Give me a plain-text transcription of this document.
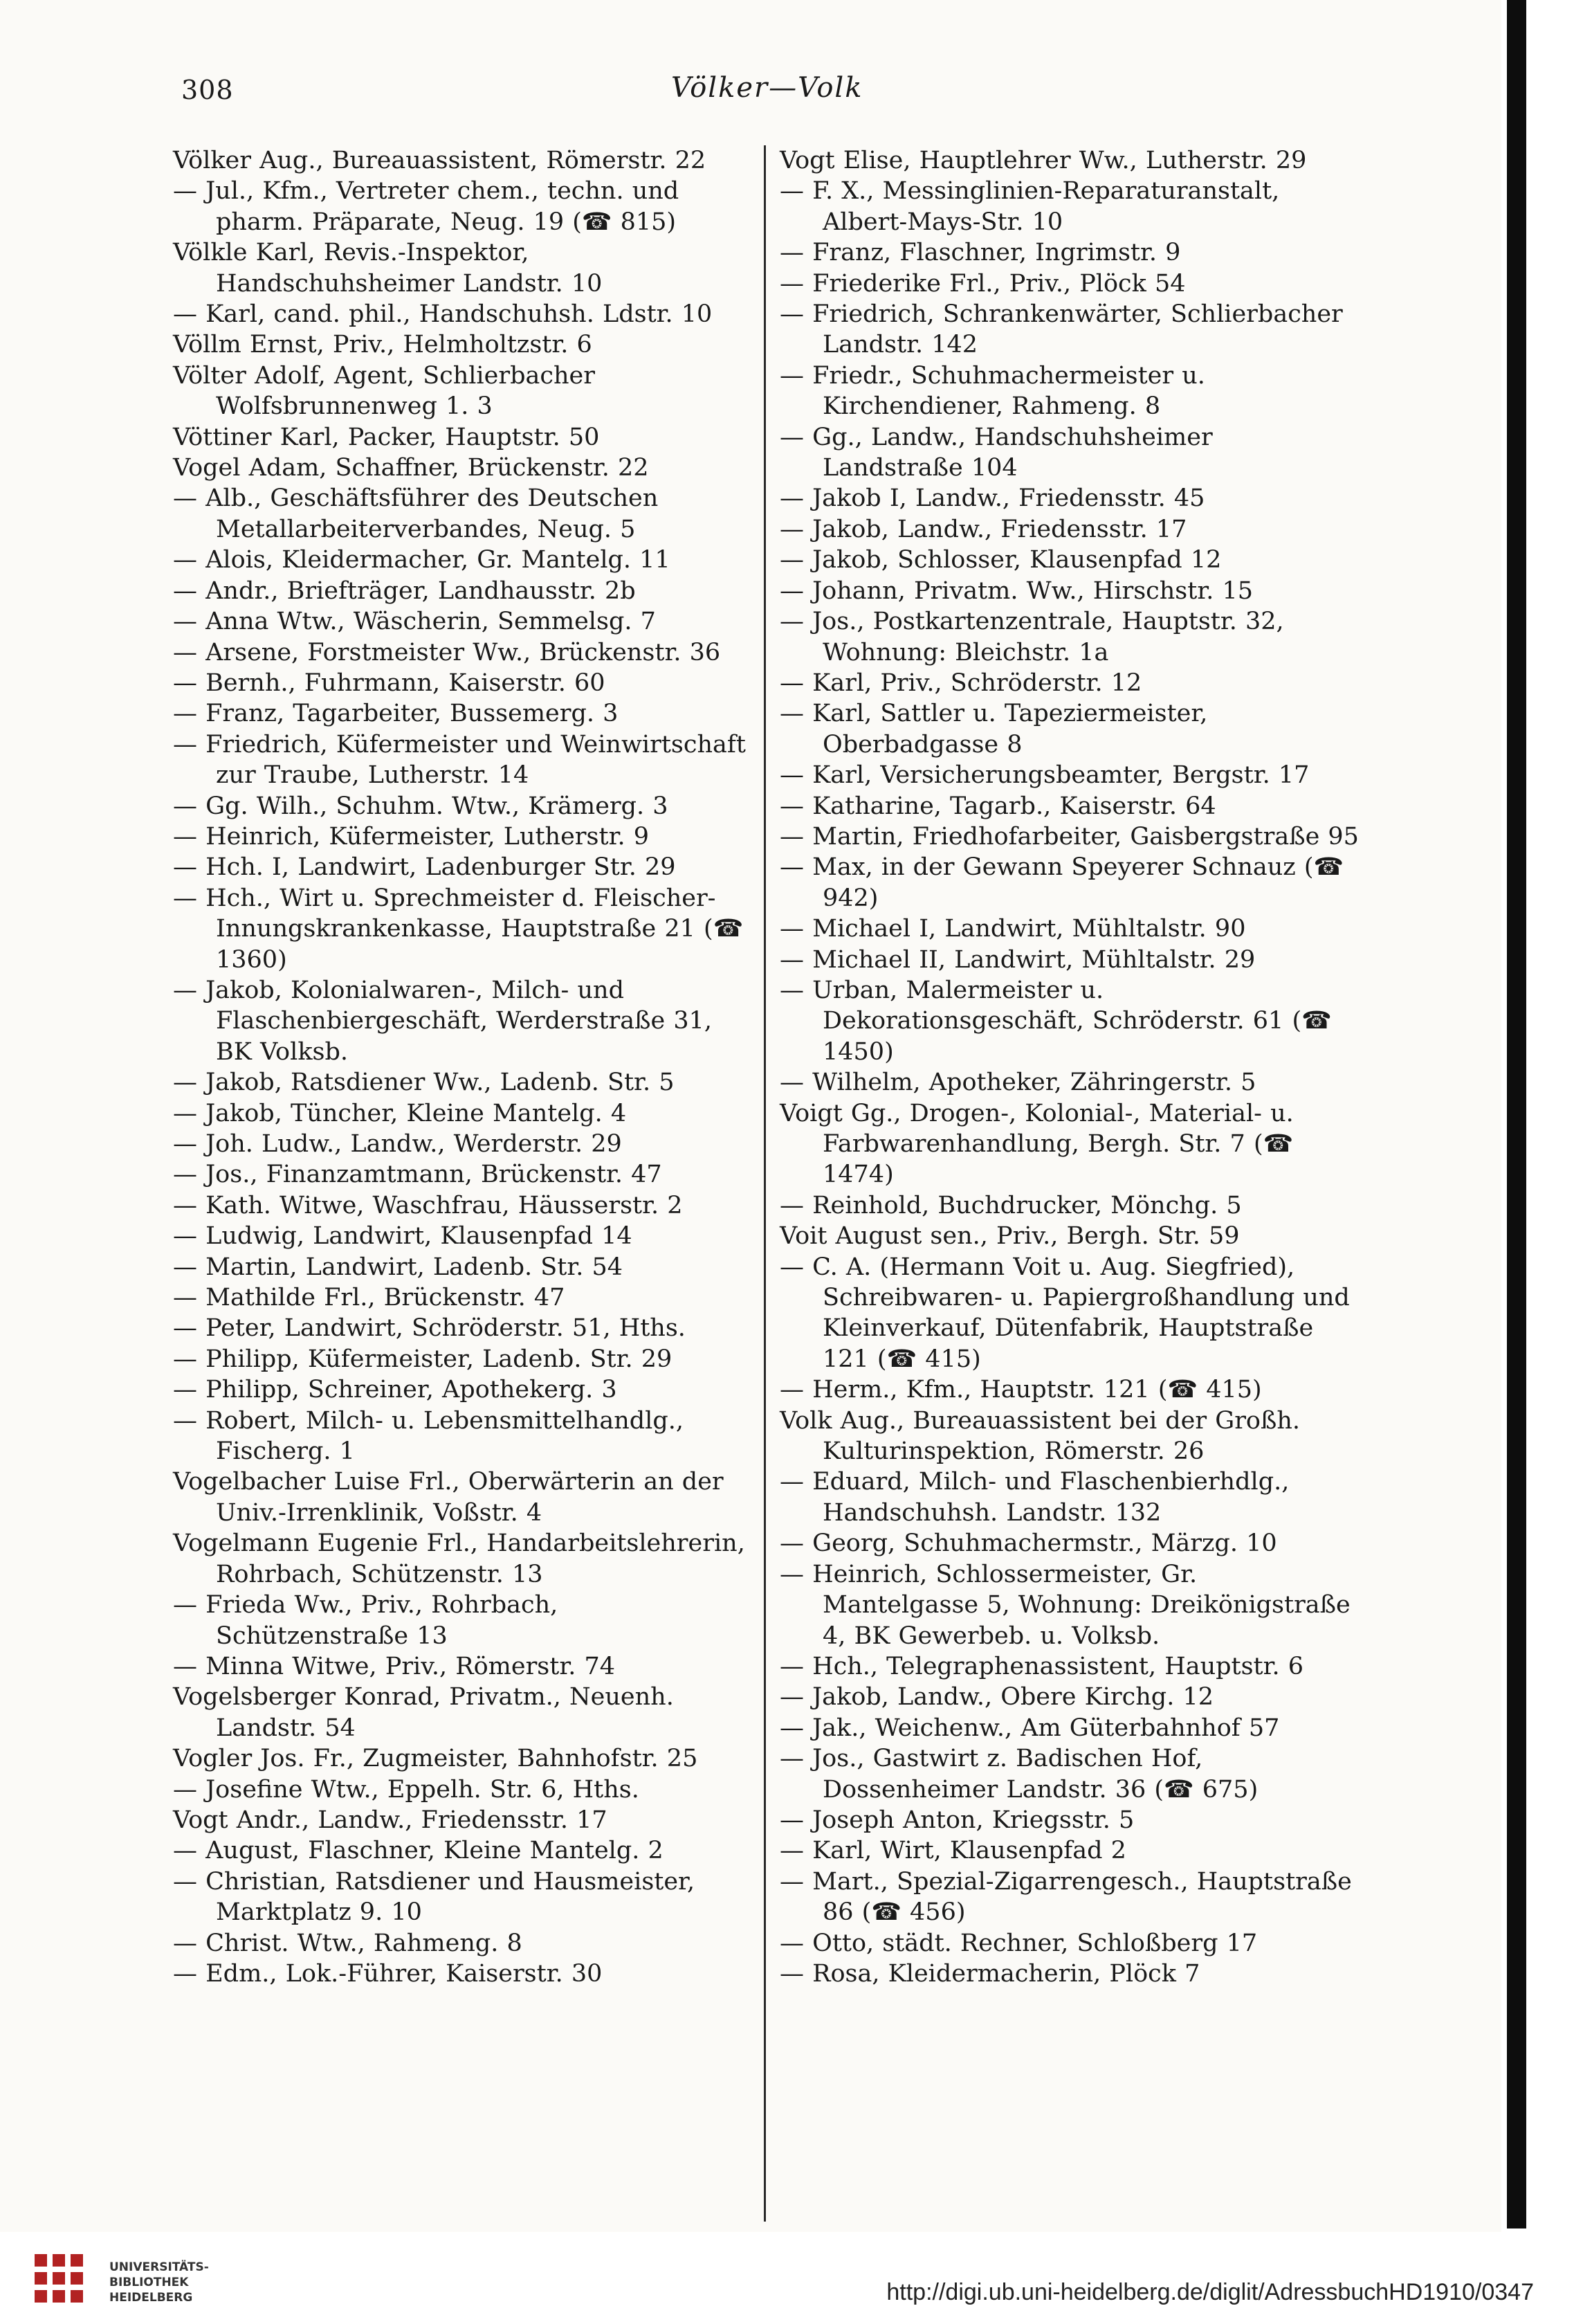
308	Völker—Volk

Völker Aug., Bureauassistent, Römerstr. 22

— Jul., Kfm., Vertreter chem., techn. und pharm. Präparate, Neug. 19 (☎ 815)

Völkle Karl, Revis.-Inspektor, Handschuhsheimer Landstr. 10

— Karl, cand. phil., Handschuhsh. Ldstr. 10

Völlm Ernst, Priv., Helmholtzstr. 6

Völter Adolf, Agent, Schlierbacher Wolfsbrunnenweg 1. 3

Vöttiner Karl, Packer, Hauptstr. 50

Vogel Adam, Schaffner, Brückenstr. 22

— Alb., Geschäftsführer des Deutschen Metallarbeiterverbandes, Neug. 5

— Alois, Kleidermacher, Gr. Mantelg. 11

— Andr., Briefträger, Landhausstr. 2b

— Anna Wtw., Wäscherin, Semmelsg. 7

— Arsene, Forstmeister Ww., Brückenstr. 36

— Bernh., Fuhrmann, Kaiserstr. 60

— Franz, Tagarbeiter, Bussemerg. 3

— Friedrich, Küfermeister und Weinwirtschaft zur Traube, Lutherstr. 14

— Gg. Wilh., Schuhm. Wtw., Krämerg. 3

— Heinrich, Küfermeister, Lutherstr. 9

— Hch. I, Landwirt, Ladenburger Str. 29

— Hch., Wirt u. Sprechmeister d. Fleischer-Innungskrankenkasse, Hauptstraße 21 (☎ 1360)

— Jakob, Kolonialwaren-, Milch- und Flaschenbiergeschäft, Werderstraße 31, BK Volksb.

— Jakob, Ratsdiener Ww., Ladenb. Str. 5

— Jakob, Tüncher, Kleine Mantelg. 4

— Joh. Ludw., Landw., Werderstr. 29

— Jos., Finanzamtmann, Brückenstr. 47

— Kath. Witwe, Waschfrau, Häusserstr. 2

— Ludwig, Landwirt, Klausenpfad 14

— Martin, Landwirt, Ladenb. Str. 54

— Mathilde Frl., Brückenstr. 47

— Peter, Landwirt, Schröderstr. 51, Hths.

— Philipp, Küfermeister, Ladenb. Str. 29

— Philipp, Schreiner, Apothekerg. 3

— Robert, Milch- u. Lebensmittelhandlg., Fischerg. 1

Vogelbacher Luise Frl., Oberwärterin an der Univ.-Irrenklinik, Voßstr. 4

Vogelmann Eugenie Frl., Handarbeitslehrerin, Rohrbach, Schützenstr. 13

— Frieda Ww., Priv., Rohrbach, Schützenstraße 13

— Minna Witwe, Priv., Römerstr. 74

Vogelsberger Konrad, Privatm., Neuenh. Landstr. 54

Vogler Jos. Fr., Zugmeister, Bahnhofstr. 25

— Josefine Wtw., Eppelh. Str. 6, Hths.

Vogt Andr., Landw., Friedensstr. 17

— August, Flaschner, Kleine Mantelg. 2

— Christian, Ratsdiener und Hausmeister, Marktplatz 9. 10

— Christ. Wtw., Rahmeng. 8

— Edm., Lok.-Führer, Kaiserstr. 30

Vogt Elise, Hauptlehrer Ww., Lutherstr. 29

— F. X., Messinglinien-Reparaturanstalt, Albert-Mays-Str. 10

— Franz, Flaschner, Ingrimstr. 9

— Friederike Frl., Priv., Plöck 54

— Friedrich, Schrankenwärter, Schlierbacher Landstr. 142

— Friedr., Schuhmachermeister u. Kirchendiener, Rahmeng. 8

— Gg., Landw., Handschuhsheimer Landstraße 104

— Jakob I, Landw., Friedensstr. 45

— Jakob, Landw., Friedensstr. 17

— Jakob, Schlosser, Klausenpfad 12

— Johann, Privatm. Ww., Hirschstr. 15

— Jos., Postkartenzentrale, Hauptstr. 32, Wohnung: Bleichstr. 1a

— Karl, Priv., Schröderstr. 12

— Karl, Sattler u. Tapeziermeister, Oberbadgasse 8

— Karl, Versicherungsbeamter, Bergstr. 17

— Katharine, Tagarb., Kaiserstr. 64

— Martin, Friedhofarbeiter, Gaisbergstraße 95

— Max, in der Gewann Speyerer Schnauz (☎ 942)

— Michael I, Landwirt, Mühltalstr. 90

— Michael II, Landwirt, Mühltalstr. 29

— Urban, Malermeister u. Dekorationsgeschäft, Schröderstr. 61 (☎ 1450)

— Wilhelm, Apotheker, Zähringerstr. 5

Voigt Gg., Drogen-, Kolonial-, Material- u. Farbwarenhandlung, Bergh. Str. 7 (☎ 1474)

— Reinhold, Buchdrucker, Mönchg. 5

Voit August sen., Priv., Bergh. Str. 59

— C. A. (Hermann Voit u. Aug. Siegfried), Schreibwaren- u. Papiergroßhandlung und Kleinverkauf, Dütenfabrik, Hauptstraße 121 (☎ 415)

— Herm., Kfm., Hauptstr. 121 (☎ 415)

Volk Aug., Bureauassistent bei der Großh. Kulturinspektion, Römerstr. 26

— Eduard, Milch- und Flaschenbierhdlg., Handschuhsh. Landstr. 132

— Georg, Schuhmachermstr., Märzg. 10

— Heinrich, Schlossermeister, Gr. Mantelgasse 5, Wohnung: Dreikönigstraße 4, BK Gewerbeb. u. Volksb.

— Hch., Telegraphenassistent, Hauptstr. 6

— Jakob, Landw., Obere Kirchg. 12

— Jak., Weichenw., Am Güterbahnhof 57

— Jos., Gastwirt z. Badischen Hof, Dossenheimer Landstr. 36 (☎ 675)

— Joseph Anton, Kriegsstr. 5

— Karl, Wirt, Klausenpfad 2

— Mart., Spezial-Zigarrengesch., Hauptstraße 86 (☎ 456)

— Otto, städt. Rechner, Schloßberg 17

— Rosa, Kleidermacherin, Plöck 7

UNIVERSITÄTS-
BIBLIOTHEK
HEIDELBERG	http://digi.ub.uni-heidelberg.de/diglit/AdressbuchHD1910/0347
